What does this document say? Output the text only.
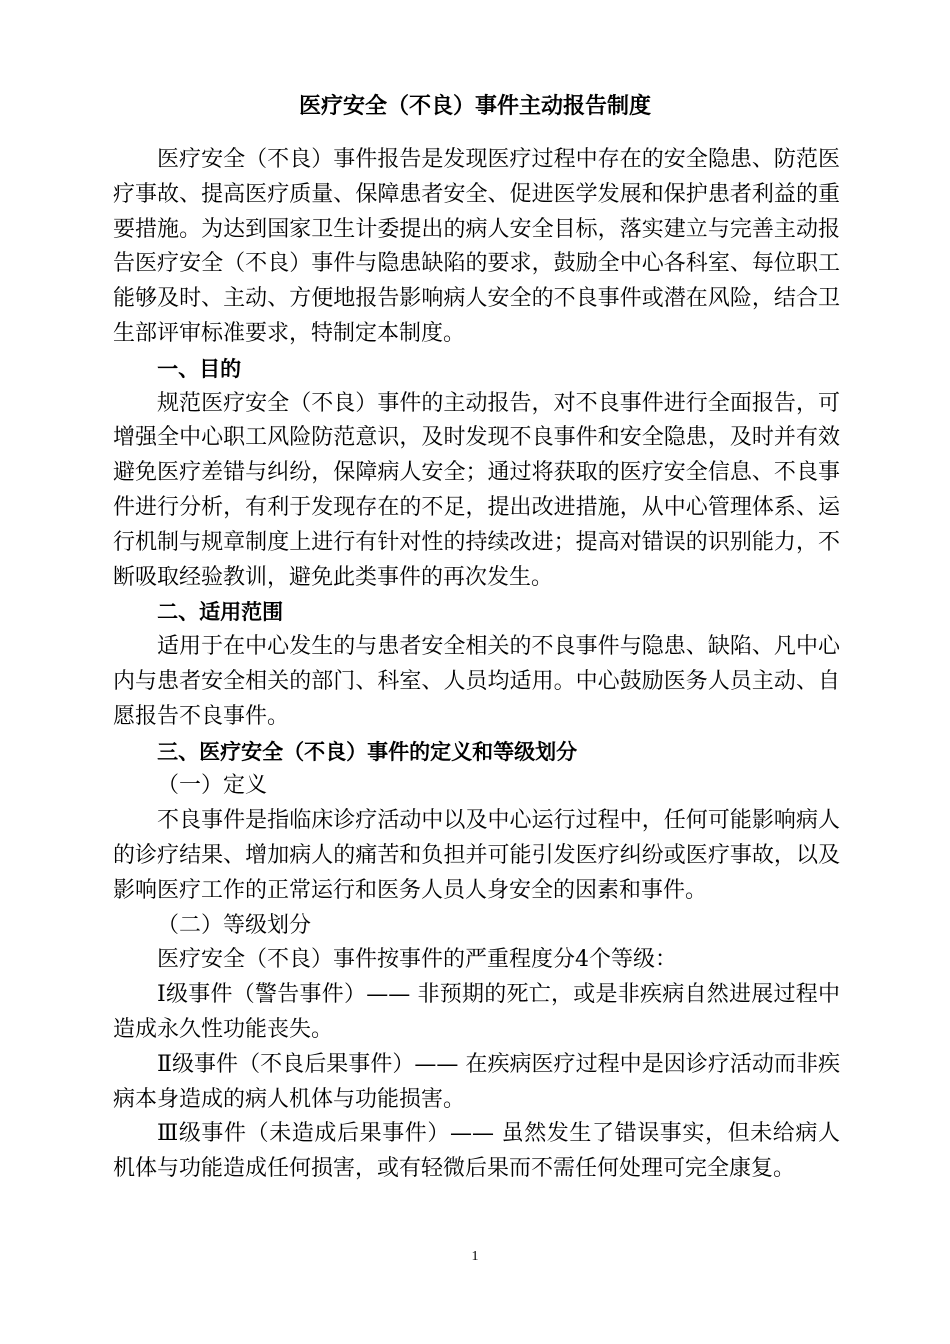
医疗安全（不良）事件主动报告制度

医疗安全（不良）事件报告是发现医疗过程中存在的安全隐患、防范医疗事故、提高医疗质量、保障患者安全、促进医学发展和保护患者利益的重要措施。为达到国家卫生计委提出的病人安全目标，落实建立与完善主动报告医疗安全（不良）事件与隐患缺陷的要求，鼓励全中心各科室、每位职工能够及时、主动、方便地报告影响病人安全的不良事件或潜在风险，结合卫生部评审标准要求，特制定本制度。

一、目的

规范医疗安全（不良）事件的主动报告，对不良事件进行全面报告，可增强全中心职工风险防范意识，及时发现不良事件和安全隐患，及时并有效避免医疗差错与纠纷，保障病人安全；通过将获取的医疗安全信息、不良事件进行分析，有利于发现存在的不足，提出改进措施，从中心管理体系、运行机制与规章制度上进行有针对性的持续改进；提高对错误的识别能力，不断吸取经验教训，避免此类事件的再次发生。

二、适用范围

适用于在中心发生的与患者安全相关的不良事件与隐患、缺陷、凡中心内与患者安全相关的部门、科室、人员均适用。中心鼓励医务人员主动、自愿报告不良事件。

三、医疗安全（不良）事件的定义和等级划分

（一）定义

不良事件是指临床诊疗活动中以及中心运行过程中，任何可能影响病人的诊疗结果、增加病人的痛苦和负担并可能引发医疗纠纷或医疗事故，以及影响医疗工作的正常运行和医务人员人身安全的因素和事件。

（二）等级划分

医疗安全（不良）事件按事件的严重程度分4个等级：

Ⅰ级事件（警告事件）—— 非预期的死亡，或是非疾病自然进展过程中造成永久性功能丧失。

Ⅱ级事件（不良后果事件）—— 在疾病医疗过程中是因诊疗活动而非疾病本身造成的病人机体与功能损害。

Ⅲ级事件（未造成后果事件）—— 虽然发生了错误事实，但未给病人机体与功能造成任何损害，或有轻微后果而不需任何处理可完全康复。

1
